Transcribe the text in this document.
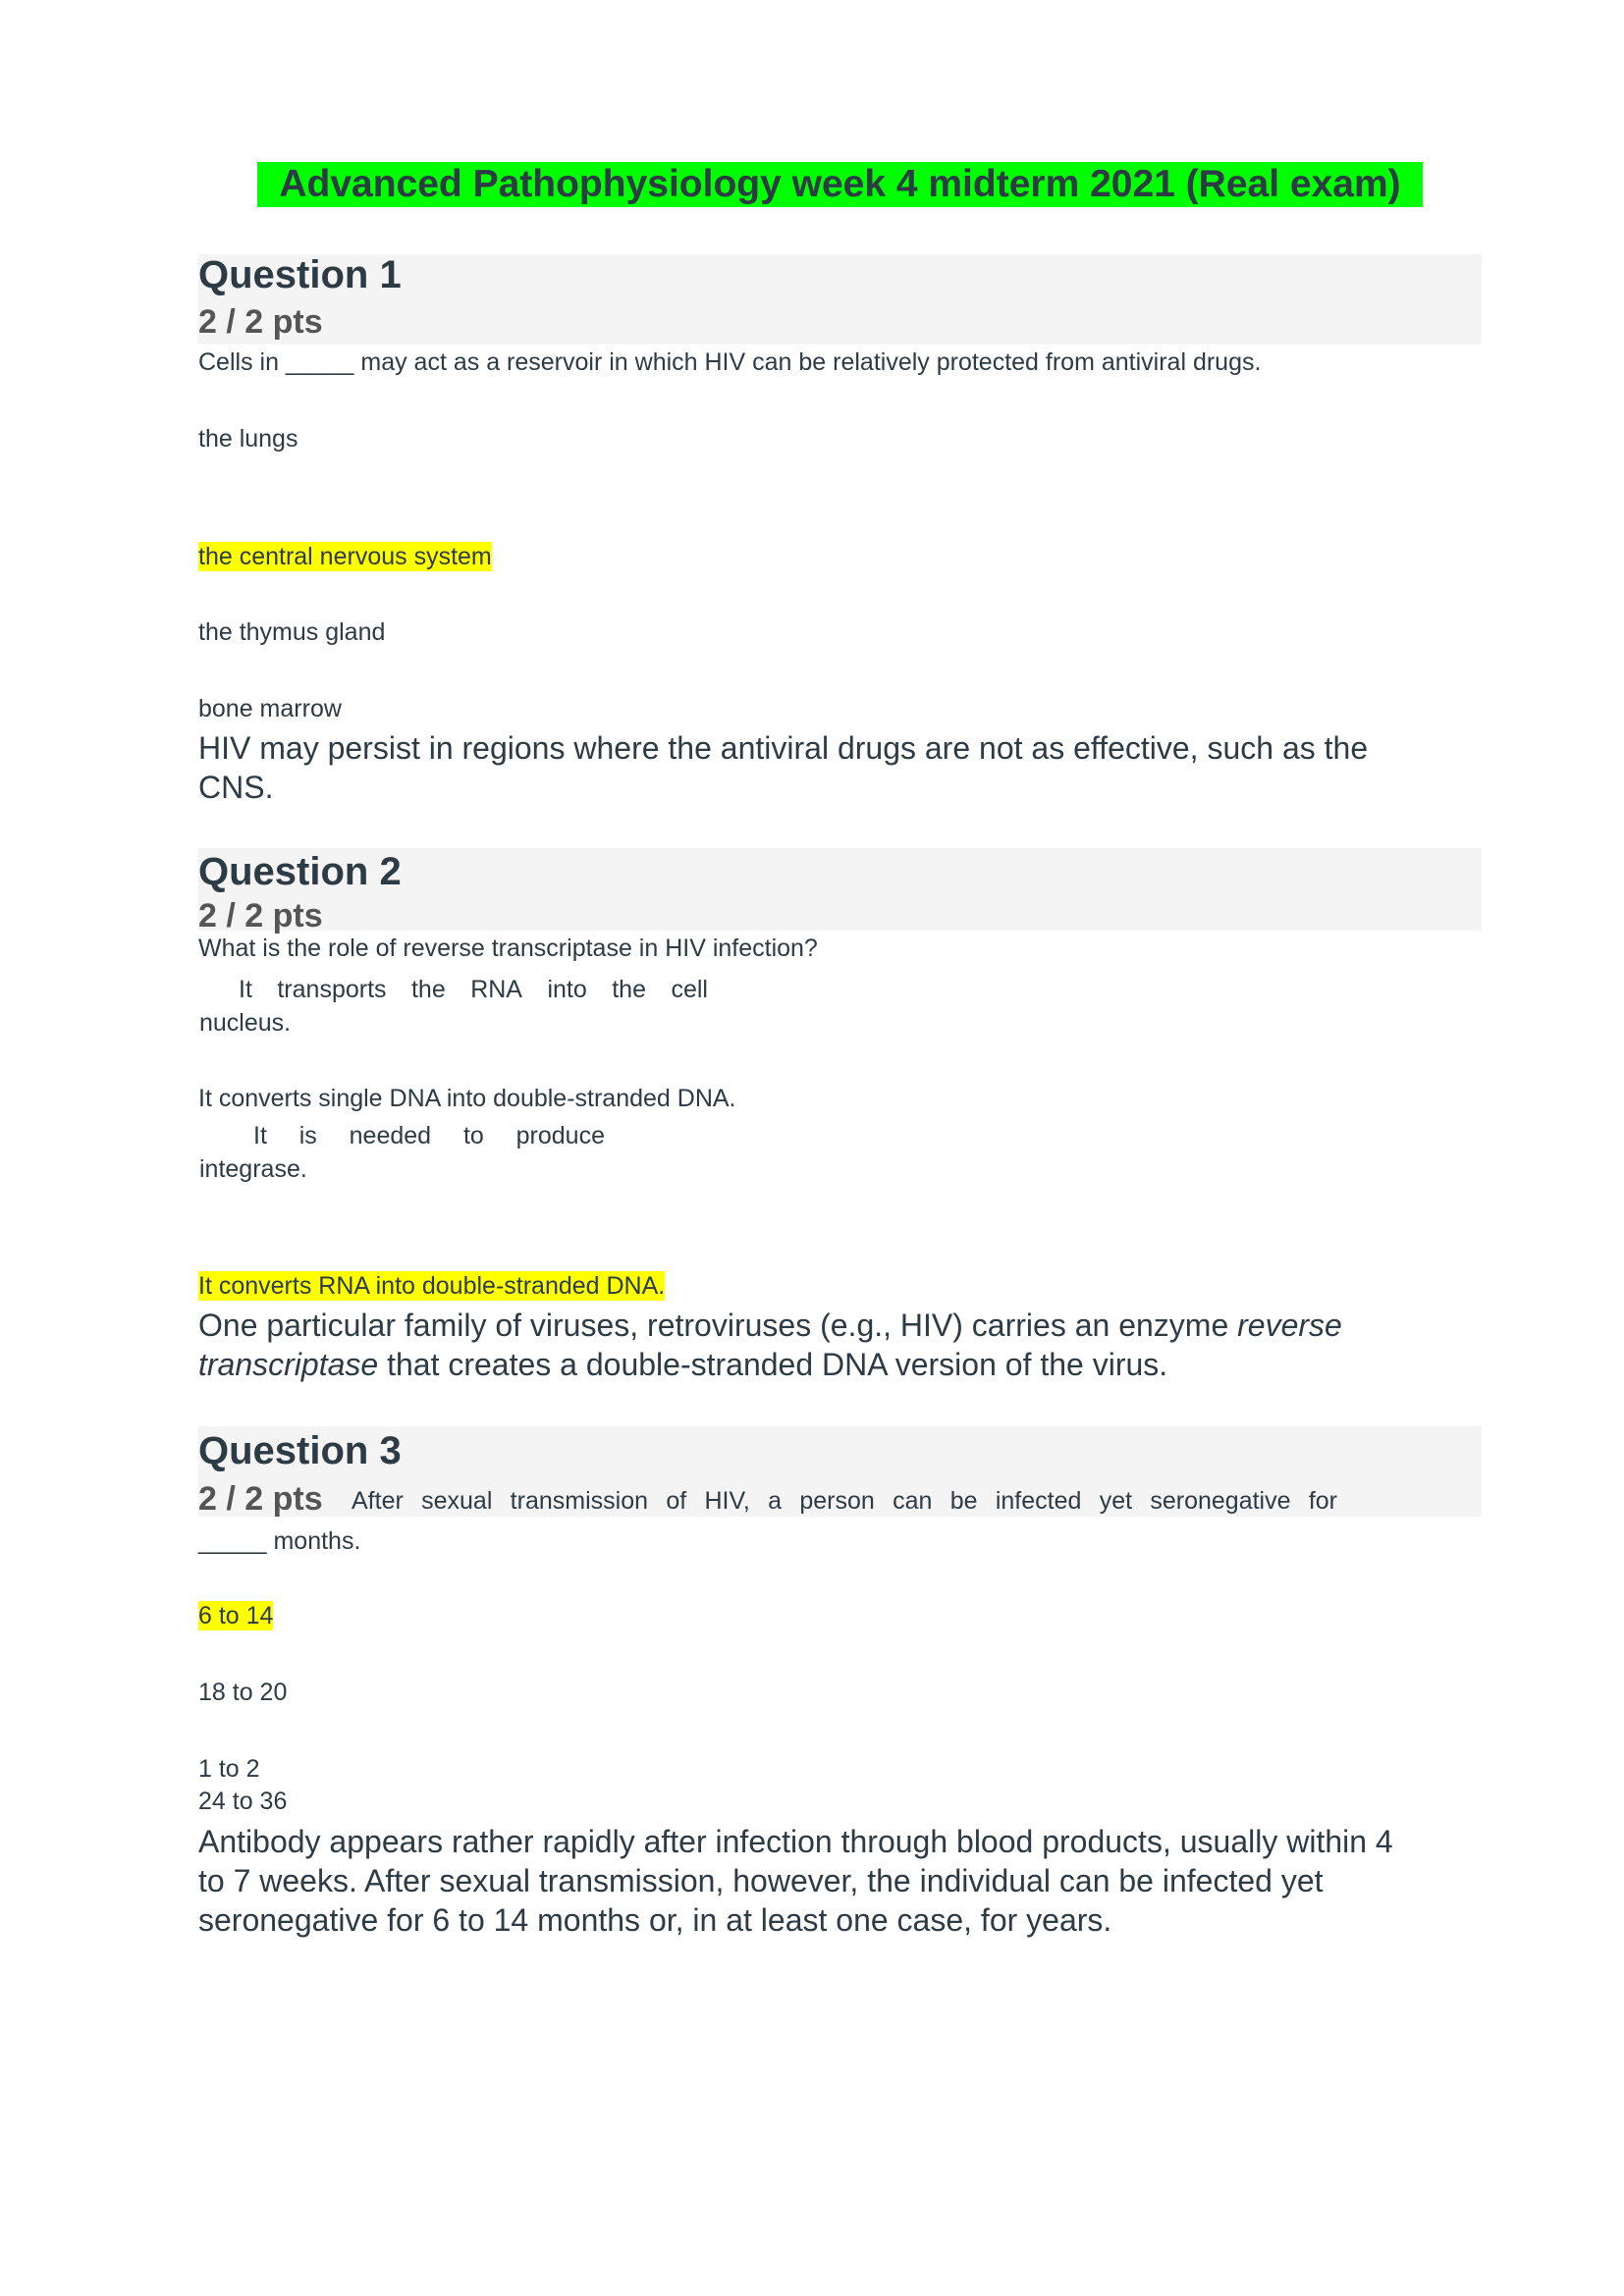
Advanced Pathophysiology week 4 midterm 2021 (Real exam)
Question 1
2 / 2 pts
Cells in _____ may act as a reservoir in which HIV can be relatively protected from antiviral drugs.
the lungs
the central nervous system
the thymus gland
bone marrow
HIV may persist in regions where the antiviral drugs are not as effective, such as the
CNS.
Question 2
2 / 2 pts
What is the role of reverse transcriptase in HIV infection?
It transports the RNA into the cell
nucleus.
It converts single DNA into double-stranded DNA.
It is needed to produce
integrase.
It converts RNA into double-stranded DNA.
One particular family of viruses, retroviruses (e.g., HIV) carries an enzyme reverse
transcriptase that creates a double-stranded DNA version of the virus.
Question 3
2 / 2 pts After sexual transmission of HIV, a person can be infected yet seronegative for
_____ months.
6 to 14
18 to 20
1 to 2
24 to 36
Antibody appears rather rapidly after infection through blood products, usually within 4
to 7 weeks. After sexual transmission, however, the individual can be infected yet
seronegative for 6 to 14 months or, in at least one case, for years.
